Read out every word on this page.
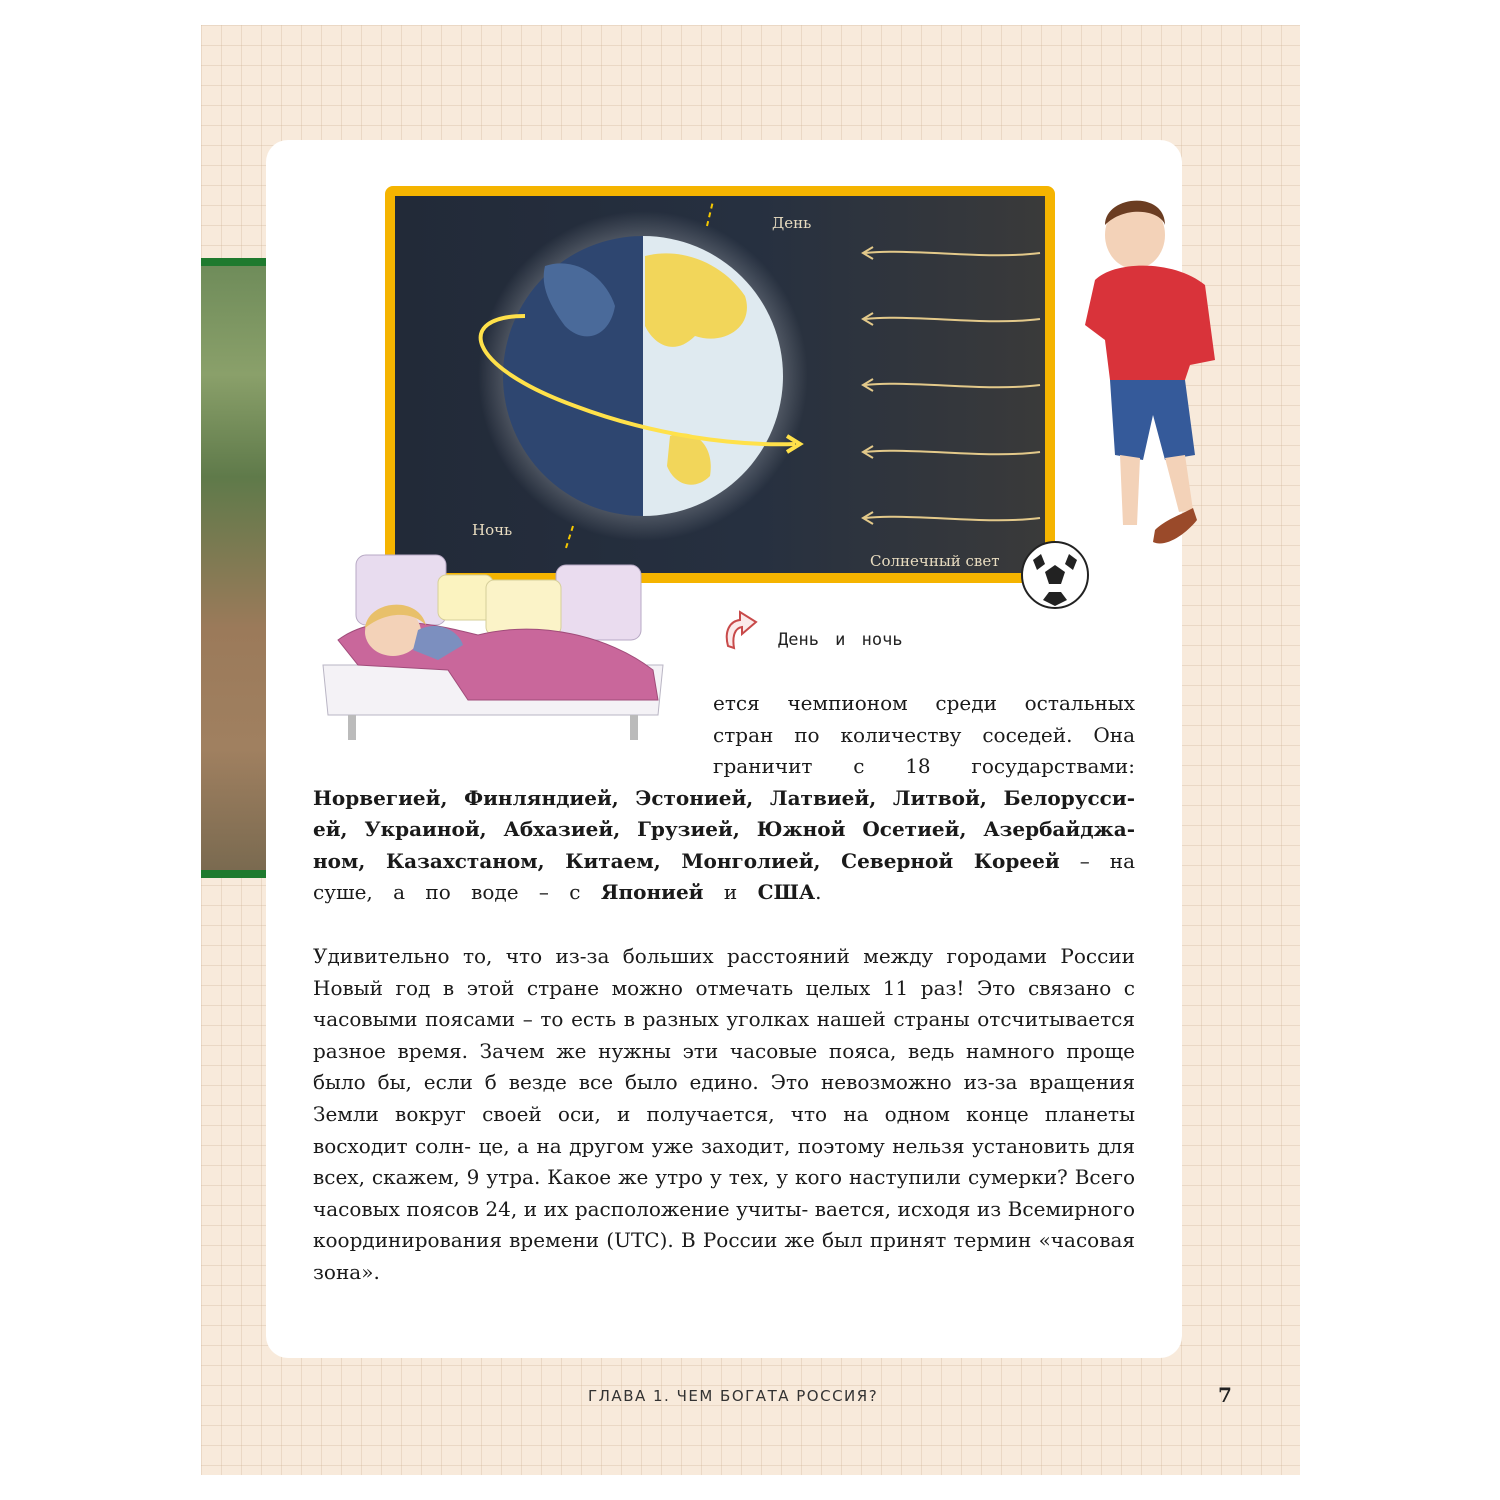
День
Ночь
Солнечный свет
День и ночь

ется чемпионом среди остальных

стран по количеству соседей. Она

граничит с 18 государствами:

Норвегией, Финляндией, Эстонией, Латвией, Литвой, Белорусси-

ей, Украиной, Абхазией, Грузией, Южной Осетией, Азербайджа-

ном, Казахстаном, Китаем, Монголией, Северной Кореей – на

суше, а по воде – с Японией и США.

Удивительно то, что из-за больших расстояний между городами России Новый год в этой стране можно отмечать целых 11 раз! Это связано с часовыми поясами – то есть в разных уголках нашей страны отсчитывается разное время. Зачем же нужны эти часовые пояса, ведь намного проще было бы, если б везде все было едино. Это невозможно из-за вращения Земли вокруг своей оси, и получается, что на одном конце планеты восходит солн- це, а на другом уже заходит, поэтому нельзя установить для всех, скажем, 9 утра. Какое же утро у тех, у кого наступили сумерки? Всего часовых поясов 24, и их расположение учиты- вается, исходя из Всемирного координирования времени (UTC). В России же был принят термин «часовая зона».

ГЛАВА 1. ЧЕМ БОГАТА РОССИЯ?	7
